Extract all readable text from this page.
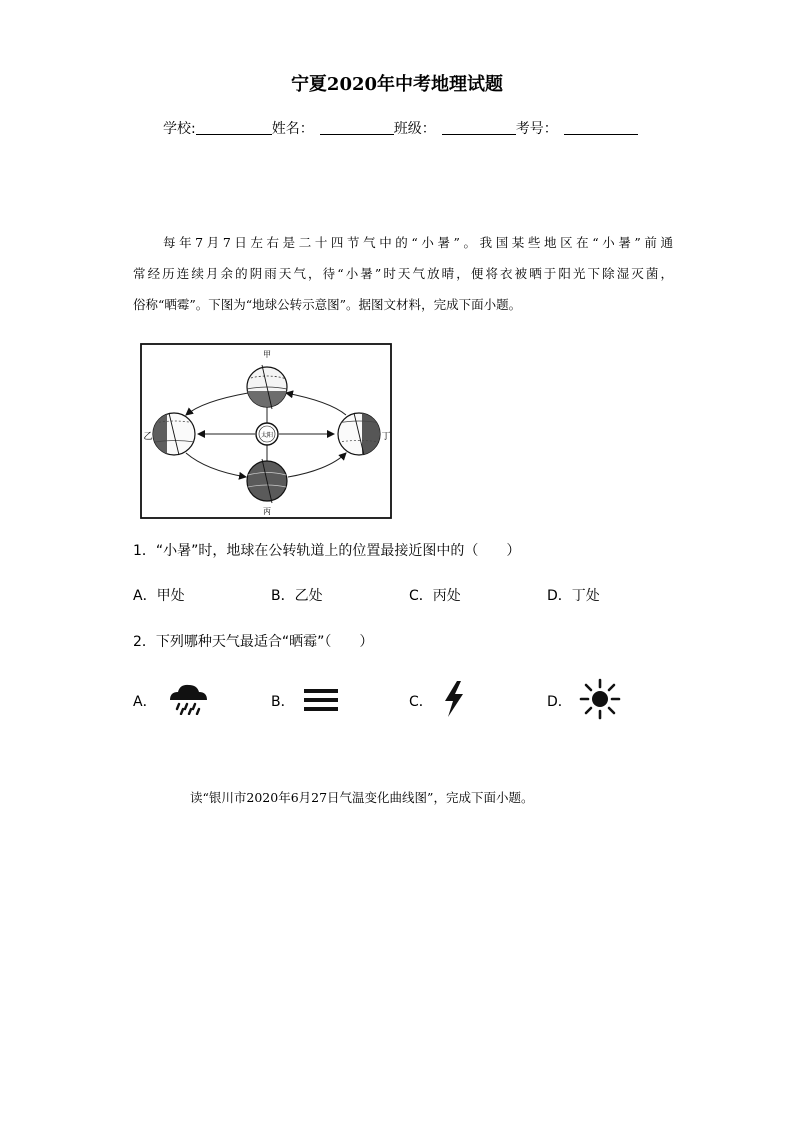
宁夏2020年中考地理试题
学校:	姓名：	班级：	考号：

每年7月7日左右是二十四节气中的“小暑”。我国某些地区在“小暑”前通

常经历连续月余的阴雨天气，待“小暑”时天气放晴，便将衣被晒于阳光下除湿灭菌，

俗称“晒霉”。下图为“地球公转示意图”。据图文材料，完成下面小题。

太阳
甲
乙
丙
丁
1．“小暑”时，地球在公转轨道上的位置最接近图中的（　　）
A．甲处	B．乙处	C．丙处	D．丁处
2．下列哪种天气最适合“晒霉”（　　）
A．	B．	C．	D．

读“银川市2020年6月27日气温变化曲线图”，完成下面小题。
